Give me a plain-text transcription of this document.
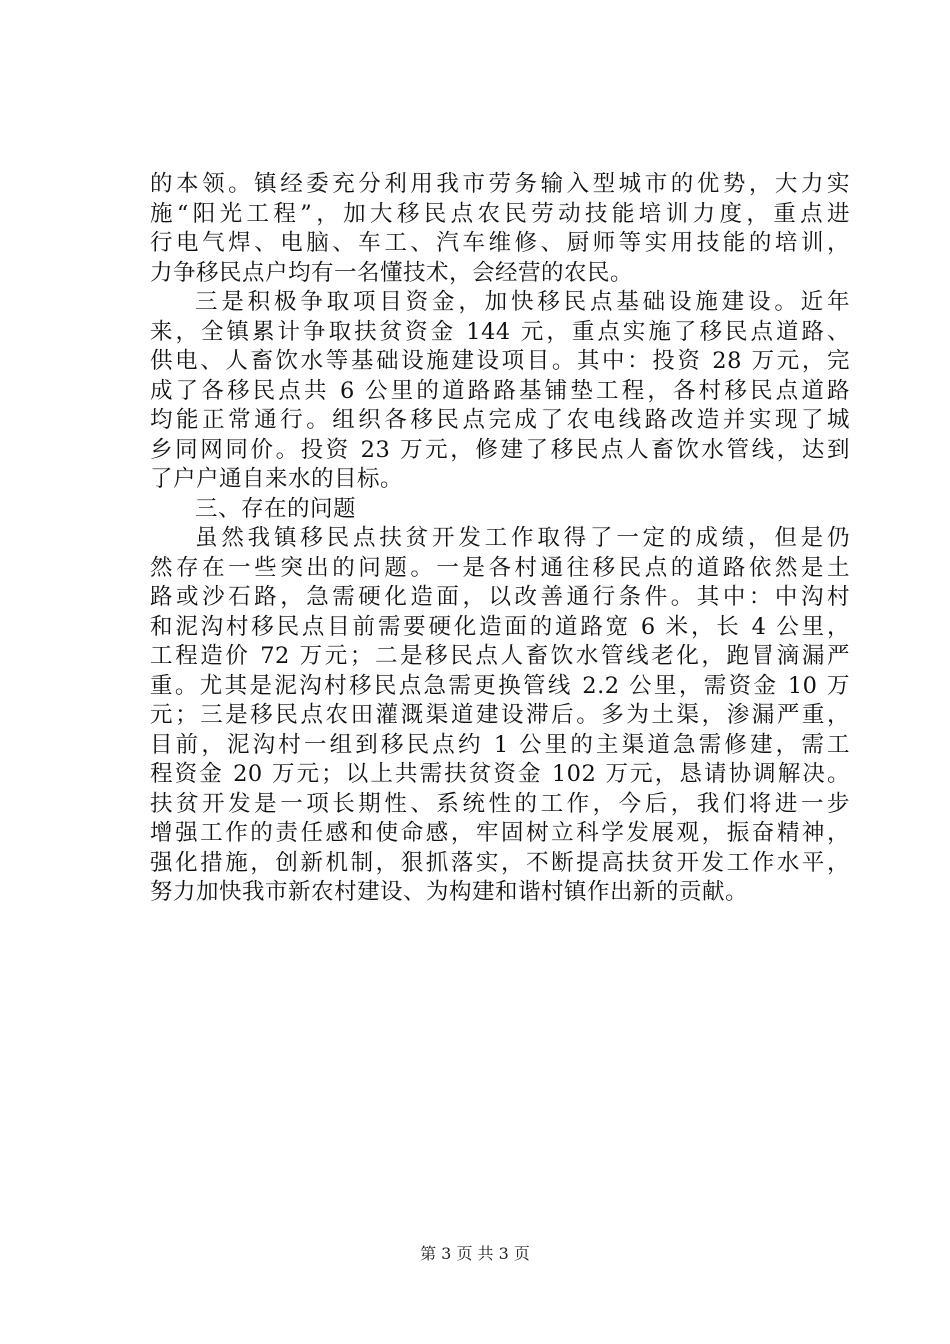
的本领。镇经委充分利用我市劳务输入型城市的优势，大力实
施“阳光工程”，加大移民点农民劳动技能培训力度，重点进
行电气焊、电脑、车工、汽车维修、厨师等实用技能的培训，
力争移民点户均有一名懂技术，会经营的农民。
三是积极争取项目资金，加快移民点基础设施建设。近年
来，全镇累计争取扶贫资金 144 元，重点实施了移民点道路、
供电、人畜饮水等基础设施建设项目。其中：投资 28 万元，完
成了各移民点共 6 公里的道路路基铺垫工程，各村移民点道路
均能正常通行。组织各移民点完成了农电线路改造并实现了城
乡同网同价。投资 23 万元，修建了移民点人畜饮水管线，达到
了户户通自来水的目标。
三、存在的问题
虽然我镇移民点扶贫开发工作取得了一定的成绩，但是仍
然存在一些突出的问题。一是各村通往移民点的道路依然是土
路或沙石路，急需硬化造面，以改善通行条件。其中：中沟村
和泥沟村移民点目前需要硬化造面的道路宽 6 米，长 4 公里，
工程造价 72 万元；二是移民点人畜饮水管线老化，跑冒滴漏严
重。尤其是泥沟村移民点急需更换管线 2.2 公里，需资金 10 万
元；三是移民点农田灌溉渠道建设滞后。多为土渠，渗漏严重，
目前，泥沟村一组到移民点约 1 公里的主渠道急需修建，需工
程资金 20 万元；以上共需扶贫资金 102 万元，恳请协调解决。
扶贫开发是一项长期性、系统性的工作，今后，我们将进一步
增强工作的责任感和使命感，牢固树立科学发展观，振奋精神，
强化措施，创新机制，狠抓落实，不断提高扶贫开发工作水平，
努力加快我市新农村建设、为构建和谐村镇作出新的贡献。
第 3 页 共 3 页
